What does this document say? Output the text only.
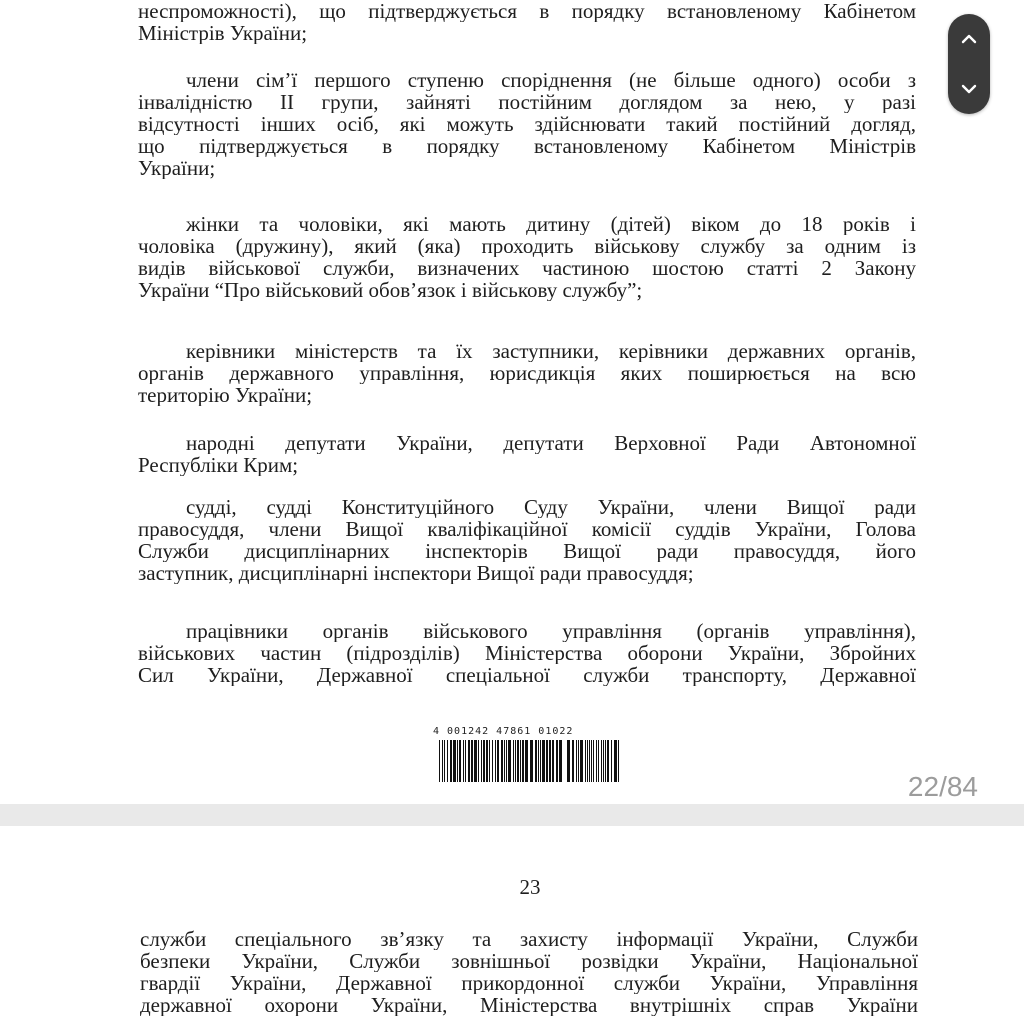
неспроможності), що підтверджується в порядку встановленому Кабінетом
Міністрів України;
члени сім’ї першого ступеню споріднення (не більше одного) особи з
інвалідністю II групи, зайняті постійним доглядом за нею, у разі
відсутності інших осіб, які можуть здійснювати такий постійний догляд,
що підтверджується в порядку встановленому Кабінетом Міністрів
України;
жінки та чоловіки, які мають дитину (дітей) віком до 18 років і
чоловіка (дружину), який (яка) проходить військову службу за одним із
видів військової служби, визначених частиною шостою статті 2 Закону
України “Про військовий обов’язок і військову службу”;
керівники міністерств та їх заступники, керівники державних органів,
органів державного управління, юрисдикція яких поширюється на всю
територію України;
народні депутати України, депутати Верховної Ради Автономної
Республіки Крим;
судді, судді Конституційного Суду України, члени Вищої ради
правосуддя, члени Вищої кваліфікаційної комісії суддів України, Голова
Служби дисциплінарних інспекторів Вищої ради правосуддя, його
заступник, дисциплінарні інспектори Вищої ради правосуддя;
працівники органів військового управління (органів управління),
військових частин (підрозділів) Міністерства оборони України, Збройних
Сил України, Державної спеціальної служби транспорту, Державної
4 001242 47861 01022
22/84
23
служби спеціального зв’язку та захисту інформації України, Служби
безпеки України, Служби зовнішньої розвідки України, Національної
гвардії України, Державної прикордонної служби України, Управління
державної охорони України, Міністерства внутрішніх справ України
